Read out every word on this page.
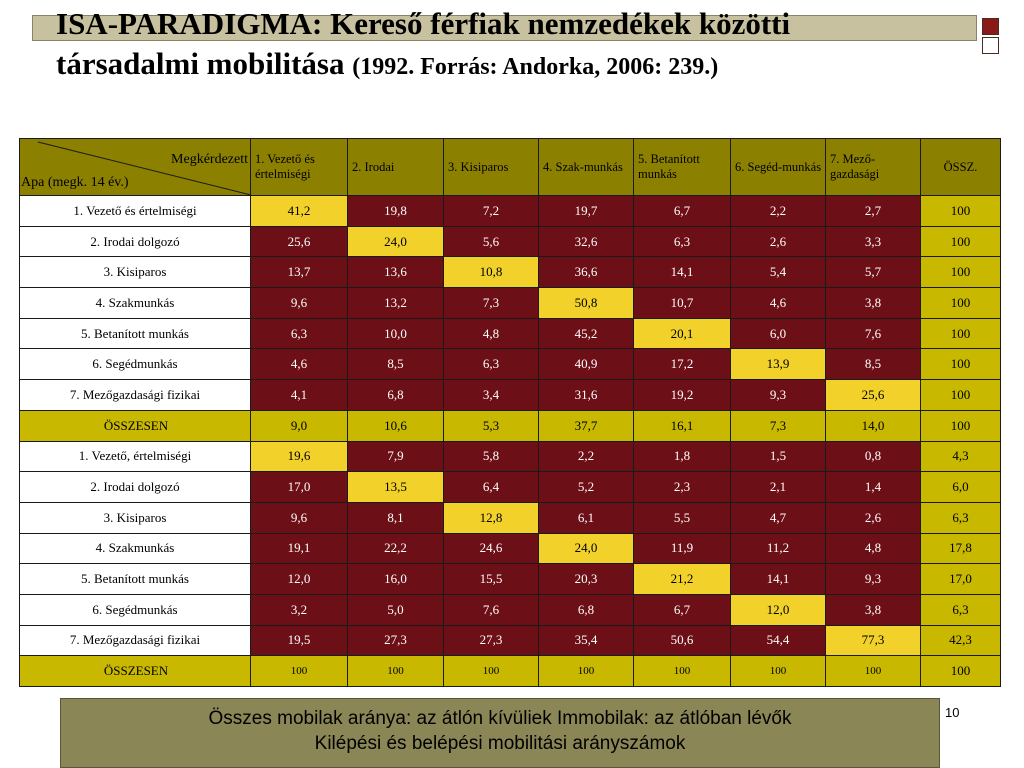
ISA-PARADIGMA: Kereső férfiak nemzedékek közötti
társadalmi mobilitása (1992. Forrás: Andorka, 2006: 239.)
Megkérdezett
Apa (megk. 14 év.)	1. Vezető és értelmiségi	2. Irodai	3. Kisiparos	4. Szak-munkás	5. Betanított munkás	6. Segéd-munkás	7. Mező-gazdasági	ÖSSZ.
1. Vezető és értelmiségi	41,2	19,8	7,2	19,7	6,7	2,2	2,7	100
2. Irodai dolgozó	25,6	24,0	5,6	32,6	6,3	2,6	3,3	100
3. Kisiparos	13,7	13,6	10,8	36,6	14,1	5,4	5,7	100
4. Szakmunkás	9,6	13,2	7,3	50,8	10,7	4,6	3,8	100
5. Betanított munkás	6,3	10,0	4,8	45,2	20,1	6,0	7,6	100
6. Segédmunkás	4,6	8,5	6,3	40,9	17,2	13,9	8,5	100
7. Mezőgazdasági fizikai	4,1	6,8	3,4	31,6	19,2	9,3	25,6	100
ÖSSZESEN	9,0	10,6	5,3	37,7	16,1	7,3	14,0	100
1. Vezető, értelmiségi	19,6	7,9	5,8	2,2	1,8	1,5	0,8	4,3
2. Irodai dolgozó	17,0	13,5	6,4	5,2	2,3	2,1	1,4	6,0
3. Kisiparos	9,6	8,1	12,8	6,1	5,5	4,7	2,6	6,3
4. Szakmunkás	19,1	22,2	24,6	24,0	11,9	11,2	4,8	17,8
5. Betanított munkás	12,0	16,0	15,5	20,3	21,2	14,1	9,3	17,0
6. Segédmunkás	3,2	5,0	7,6	6,8	6,7	12,0	3,8	6,3
7. Mezőgazdasági fizikai	19,5	27,3	27,3	35,4	50,6	54,4	77,3	42,3
ÖSSZESEN	100	100	100	100	100	100	100	100
Összes mobilak aránya: az átlón kívüliek Immobilak: az átlóban lévők
Kilépési és belépési mobilitási arányszámok
10
